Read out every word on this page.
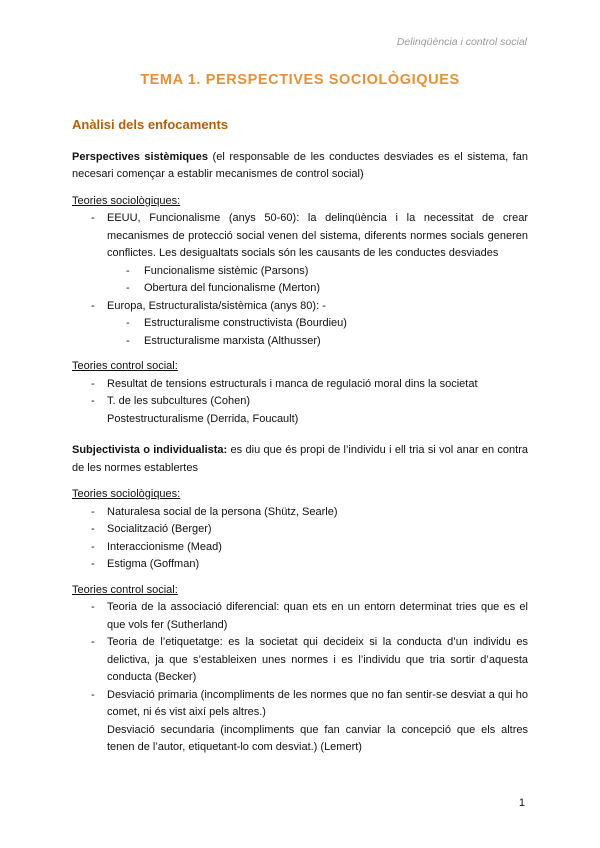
Delinqüència i control social
TEMA 1. PERSPECTIVES SOCIOLÒGIQUES
Anàlisi dels enfocaments
Perspectives sistèmiques (el responsable de les conductes desviades es el sistema, fan necesari començar a establir mecanismes de control social)
Teories sociològiques:
- EEUU, Funcionalisme (anys 50-60): la delinqüència i la necessitat de crear mecanismes de protecció social venen del sistema, diferents normes socials generen conflictes. Les desigualtats socials són les causants de les conductes desviades
- Funcionalisme sistèmic (Parsons)
- Obertura del funcionalisme (Merton)
- Europa, Estructuralista/sistèmica (anys 80): -
- Estructuralisme constructivista (Bourdieu)
- Estructuralisme marxista (Althusser)
Teories control social:
- Resultat de tensions estructurals i manca de regulació moral dins la societat
- T. de les subcultures (Cohen)
Postestructuralisme (Derrida, Foucault)
Subjectivista o individualista: es diu que és propi de l’individu i ell tria si vol anar en contra de les normes establertes
Teories sociològiques:
- Naturalesa social de la persona (Shütz, Searle)
- Socialització (Berger)
- Interaccionisme (Mead)
- Estigma (Goffman)
Teories control social:
- Teoria de la associació diferencial: quan ets en un entorn determinat tries que es el que vols fer (Sutherland)
- Teoria de l’etiquetatge: es la societat qui decideix si la conducta d’un individu es delictiva, ja que s’estableixen unes normes i es l’individu que tria sortir d’aquesta conducta (Becker)
- Desviació primaria (incompliments de les normes que no fan sentir-se desviat a qui ho comet, ni és vist així pels altres.)
Desviació secundaria (incompliments que fan canviar la concepció que els altres tenen de l’autor, etiquetant-lo com desviat.) (Lemert)
1
